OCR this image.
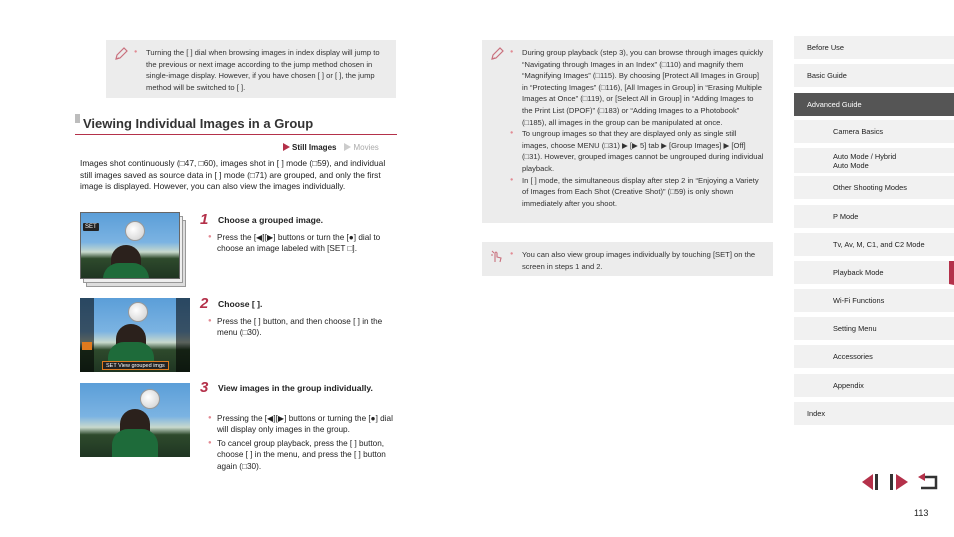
● Turning the [ ] dial when browsing images in index display will jump to the previous or next image according to the jump method chosen in single-image display. However, if you have chosen [ ] or [ ], the jump method will be switched to [ ].
Viewing Individual Images in a Group
Still Images	Movies
Images shot continuously (□47, □60), images shot in [ ] mode (□59), and individual still images saved as source data in [ ] mode (□71) are grouped, and only the first image is displayed. However, you can also view the images individually.
SET	1 Choose a grouped image.
● Press the [◀][▶] buttons or turn the [●] dial to choose an image labeled with [SET □].
SET View grouped imgs
2 Choose [ ].
● Press the [ ] button, and then choose [ ] in the menu (□30).
3 View images in the group individually.
● Pressing the [◀][▶] buttons or turning the [●] dial will display only images in the group.
● To cancel group playback, press the [ ] button, choose [ ] in the menu, and press the [ ] button again (□30).
● During group playback (step 3), you can browse through images quickly “Navigating through Images in an Index” (□110) and magnify them “Magnifying Images” (□115). By choosing [Protect All Images in Group] in “Protecting Images” (□116), [All Images in Group] in “Erasing Multiple Images at Once” (□119), or [Select All in Group] in “Adding Images to the Print List (DPOF)” (□183) or “Adding Images to a Photobook” (□185), all images in the group can be manipulated at once.
● To ungroup images so that they are displayed only as single still images, choose MENU (□31) ▶ [▶ 5] tab ▶ [Group Images] ▶ [Off] (□31). However, grouped images cannot be ungrouped during individual playback.
● In [ ] mode, the simultaneous display after step 2 in “Enjoying a Variety of Images from Each Shot (Creative Shot)” (□59) is only shown immediately after you shoot.
● You can also view group images individually by touching [SET] on the screen in steps 1 and 2.
Before Use
Basic Guide
Advanced Guide
Camera Basics
Auto Mode / Hybrid Auto Mode
Other Shooting Modes
P Mode
Tv, Av, M, C1, and C2 Mode
Playback Mode
Wi-Fi Functions
Setting Menu
Accessories
Appendix
Index
113
